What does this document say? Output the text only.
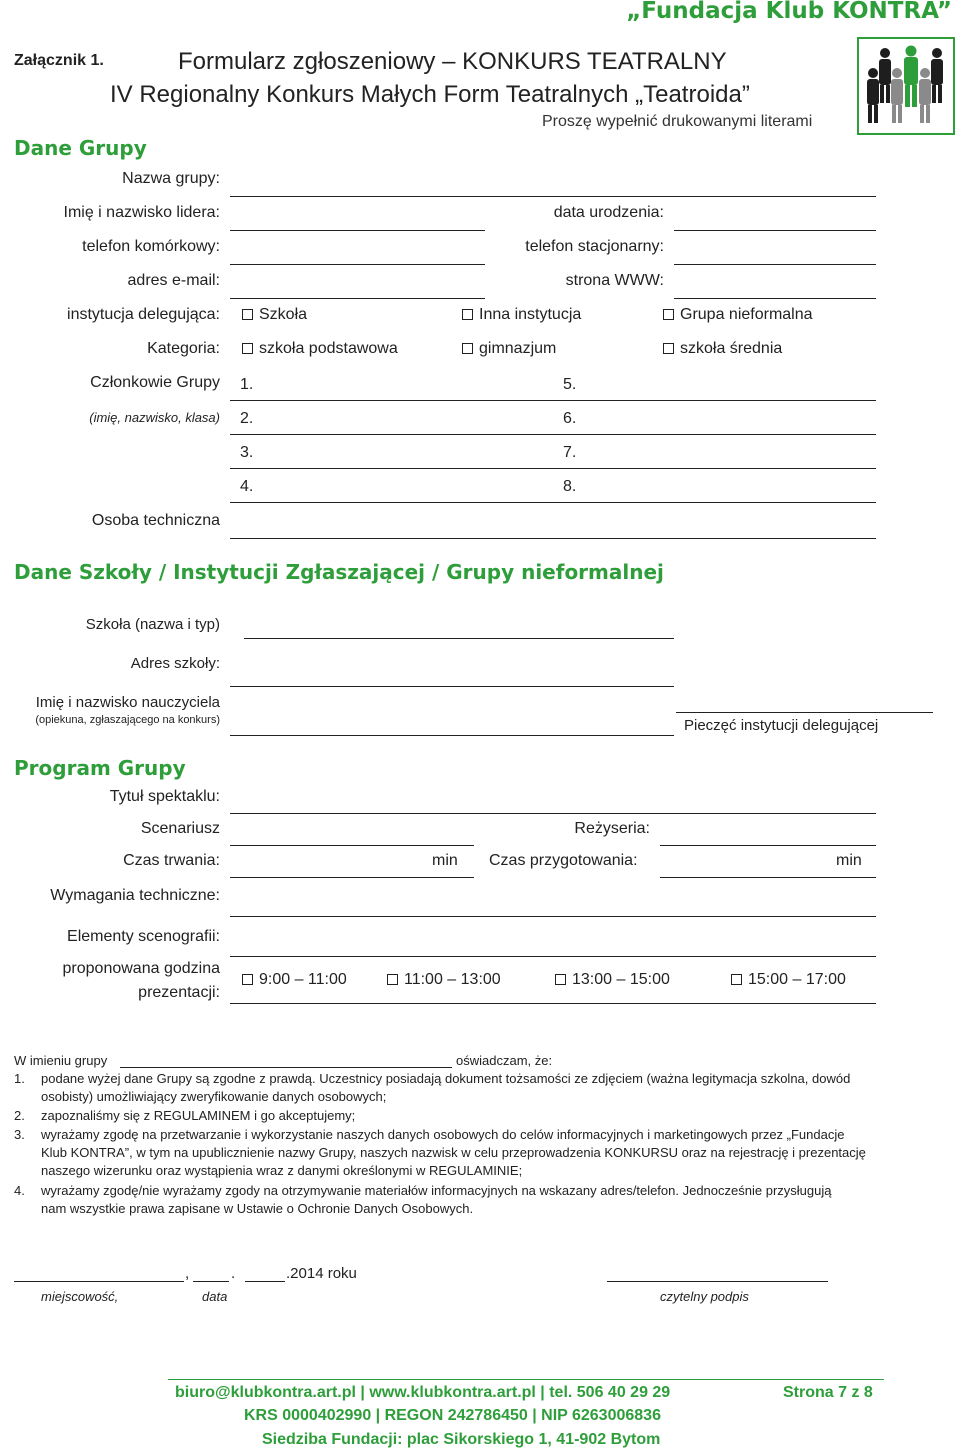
„Fundacja Klub KONTRA”
Załącznik 1.	Formularz zgłoszeniowy – KONKURS TEATRALNY
IV Regionalny Konkurs Małych Form Teatralnych „Teatroida”
Proszę wypełnić drukowanymi literami
Dane Grupy
Nazwa grupy:
Imię i nazwisko lidera:	data urodzenia:
telefon komórkowy:	telefon stacjonarny:
adres e-mail:	strona WWW:
instytucja delegująca:	Szkoła	Inna instytucja	Grupa nieformalna
Kategoria:	szkoła podstawowa	gimnazjum	szkoła średnia
Członkowie Grupy
(imię, nazwisko, klasa)
1.	5.
2.	6.
3.	7.
4.	8.
Osoba techniczna
Dane Szkoły / Instytucji Zgłaszającej / Grupy nieformalnej
Szkoła (nazwa i typ)
Adres szkoły:
Imię i nazwisko nauczyciela
(opiekuna, zgłaszającego na konkurs)	Pieczęć instytucji delegującej
Program Grupy
Tytuł spektaklu:
Scenariusz	Reżyseria:
Czas trwania:	min Czas przygotowania:	min
Wymagania techniczne:
Elementy scenografii:
proponowana godzina
prezentacji:
9:00 – 11:00	11:00 – 13:00	13:00 – 15:00	15:00 – 17:00
W imieniu grupy	oświadczam, że:
1. podane wyżej dane Grupy są zgodne z prawdą. Uczestnicy posiadają dokument tożsamości ze zdjęciem (ważna legitymacja szkolna, dowód
osobisty) umożliwiający zweryfikowanie danych osobowych;
2. zapoznaliśmy się z REGULAMINEM i go akceptujemy;
3. wyrażamy zgodę na przetwarzanie i wykorzystanie naszych danych osobowych do celów informacyjnych i marketingowych przez „Fundacje
Klub KONTRA”, w tym na upublicznienie nazwy Grupy, naszych nazwisk w celu przeprowadzenia KONKURSU oraz na rejestrację i prezentację
naszego wizerunku oraz wystąpienia wraz z danymi określonymi w REGULAMINIE;
4. wyrażamy zgodę/nie wyrażamy zgody na otrzymywanie materiałów informacyjnych na wskazany adres/telefon. Jednocześnie przysługują
nam wszystkie prawa zapisane w Ustawie o Ochronie Danych Osobowych.
,	.	.2014 roku
miejscowość,	data	czytelny podpis
biuro@klubkontra.art.pl | www.klubkontra.art.pl | tel. 506 40 29 29	Strona 7 z 8
KRS 0000402990 | REGON 242786450 | NIP 6263006836
Siedziba Fundacji: plac Sikorskiego 1, 41-902 Bytom
